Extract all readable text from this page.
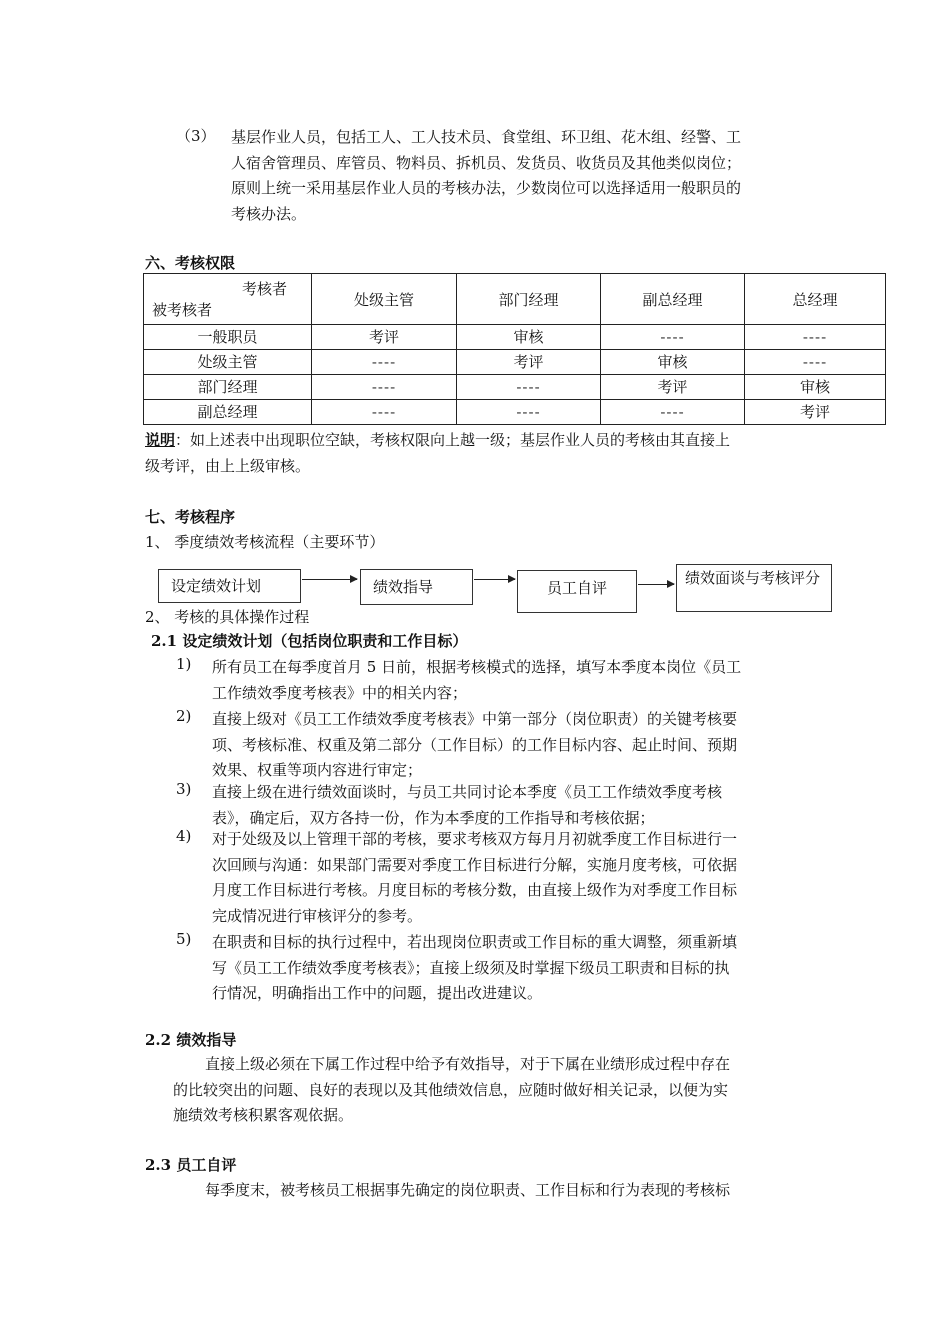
（3） 基层作业人员，包括工人、工人技术员、食堂组、环卫组、花木组、经警、工
人宿舍管理员、库管员、物料员、拆机员、发货员、收货员及其他类似岗位；
原则上统一采用基层作业人员的考核办法，少数岗位可以选择适用一般职员的
考核办法。
六、考核权限
考核者
被考核者	处级主管	部门经理	副总经理	总经理
一般职员	考评	审核	----	----
处级主管	----	考评	审核	----
部门经理	----	----	考评	审核
副总经理	----	----	----	考评
说明：如上述表中出现职位空缺，考核权限向上越一级；基层作业人员的考核由其直接上
级考评，由上上级审核。
七、考核程序
1、 季度绩效考核流程（主要环节）
设定绩效计划	绩效指导	员工自评
绩效面谈与考核评分
2、 考核的具体操作过程
2.1 设定绩效计划（包括岗位职责和工作目标）
1)	所有员工在每季度首月 5 日前，根据考核模式的选择，填写本季度本岗位《员工
工作绩效季度考核表》中的相关内容；
2)	直接上级对《员工工作绩效季度考核表》中第一部分（岗位职责）的关键考核要
项、考核标准、权重及第二部分（工作目标）的工作目标内容、起止时间、预期
效果、权重等项内容进行审定；
3)	直接上级在进行绩效面谈时，与员工共同讨论本季度《员工工作绩效季度考核
表》，确定后，双方各持一份，作为本季度的工作指导和考核依据；
4)	对于处级及以上管理干部的考核，要求考核双方每月月初就季度工作目标进行一
次回顾与沟通：如果部门需要对季度工作目标进行分解，实施月度考核，可依据
月度工作目标进行考核。月度目标的考核分数，由直接上级作为对季度工作目标
完成情况进行审核评分的参考。
5)	在职责和目标的执行过程中，若出现岗位职责或工作目标的重大调整，须重新填
写《员工工作绩效季度考核表》；直接上级须及时掌握下级员工职责和目标的执
行情况，明确指出工作中的问题，提出改进建议。
2.2 绩效指导
直接上级必须在下属工作过程中给予有效指导，对于下属在业绩形成过程中存在
的比较突出的问题、良好的表现以及其他绩效信息，应随时做好相关记录，以便为实
施绩效考核积累客观依据。
2.3 员工自评
每季度末，被考核员工根据事先确定的岗位职责、工作目标和行为表现的考核标
